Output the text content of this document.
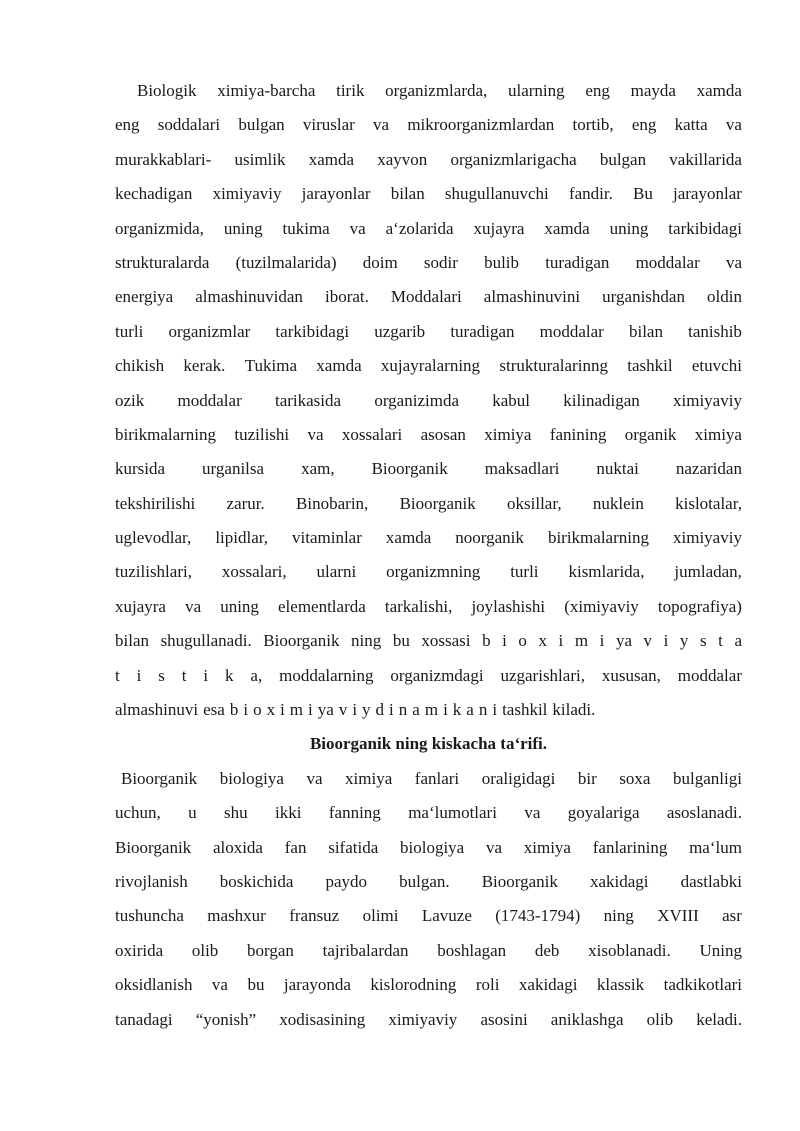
Biologik ximiya-barcha tirik organizmlarda, ularning eng mayda xamda
eng soddalari bulgan viruslar va mikroorganizmlardan tortib, eng katta va
murakkablari- usimlik xamda xayvon organizmlarigacha bulgan vakillarida
kechadigan ximiyaviy jarayonlar bilan shugullanuvchi fandir. Bu jarayonlar
organizmida, uning tukima va a‘zolarida xujayra xamda uning tarkibidagi
strukturalarda (tuzilmalarida) doim sodir bulib turadigan moddalar va
energiya almashinuvidan iborat. Moddalari almashinuvini urganishdan oldin
turli organizmlar tarkibidagi uzgarib turadigan moddalar bilan tanishib
chikish kerak. Tukima xamda xujayralarning strukturalarinng tashkil etuvchi
ozik moddalar tarikasida organizimda kabul kilinadigan ximiyaviy
birikmalarning tuzilishi va xossalari asosan ximiya fanining organik ximiya
kursida urganilsa xam, Bioorganik maksadlari nuktai nazaridan
tekshirilishi zarur. Binobarin, Bioorganik oksillar, nuklein kislotalar,
uglevodlar, lipidlar, vitaminlar xamda noorganik birikmalarning ximiyaviy
tuzilishlari, xossalari, ularni organizmning turli kismlarida, jumladan,
xujayra va uning elementlarda tarkalishi, joylashishi (ximiyaviy topografiya)
bilan shugullanadi. Bioorganik ning bu xossasi b i o x i m i ya v i y s t a
t i s t i k a, moddalarning organizmdagi uzgarishlari, xususan, moddalar
almashinuvi esa b i o x i m i ya v i y d i n a m i k a n i tashkil kiladi.
Bioorganik ning kiskacha ta‘rifi.
Bioorganik biologiya va ximiya fanlari oraligidagi bir soxa bulganligi
uchun, u shu ikki fanning ma‘lumotlari va goyalariga asoslanadi.
Bioorganik aloxida fan sifatida biologiya va ximiya fanlarining ma‘lum
rivojlanish boskichida paydo bulgan. Bioorganik xakidagi dastlabki
tushuncha mashxur fransuz olimi Lavuze (1743-1794) ning XVIII asr
oxirida olib borgan tajribalardan boshlagan deb xisoblanadi. Uning
oksidlanish va bu jarayonda kislorodning roli xakidagi klassik tadkikotlari
tanadagi “yonish” xodisasining ximiyaviy asosini aniklashga olib keladi.
